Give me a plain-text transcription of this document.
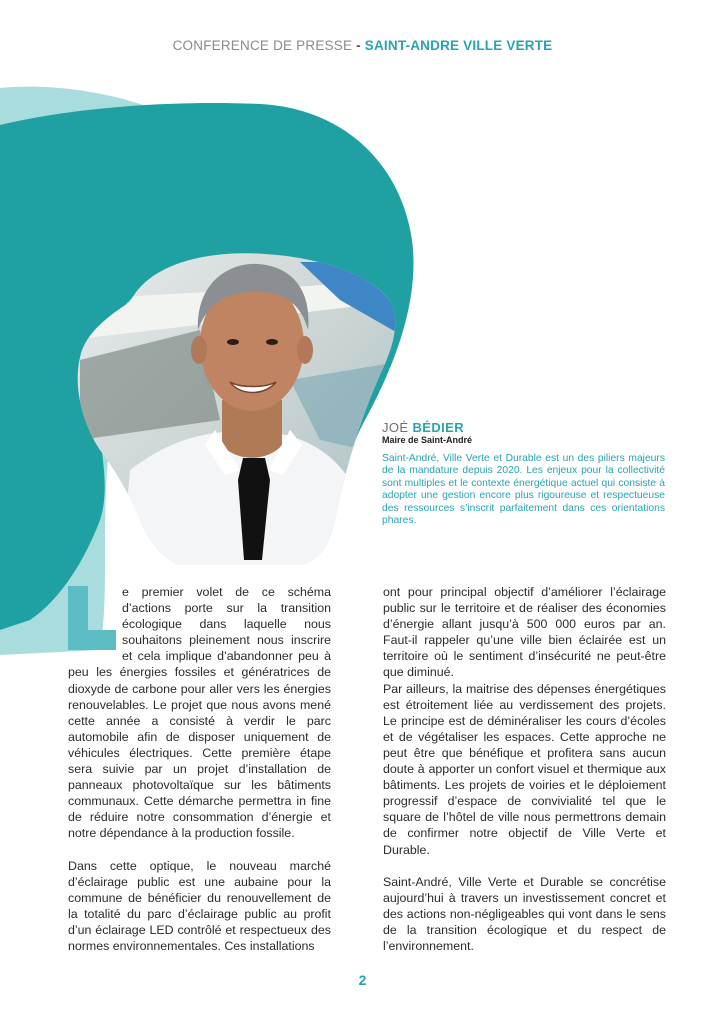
CONFERENCE DE PRESSE - SAINT-ANDRE VILLE VERTE
JOÉ BÉDIER
Maire de Saint-André
Saint-André, Ville Verte et Durable est un des piliers majeurs de la mandature depuis 2020. Les enjeux pour la collectivité sont multiples et le contexte énergétique actuel qui consiste à adopter une gestion encore plus rigoureuse et respectueuse des ressources s’inscrit parfaitement dans ces orientations phares.

e premier volet de ce schéma d’actions porte sur la transition écologique dans laquelle nous souhaitons pleinement nous inscrire et cela implique d’abandonner peu à peu les énergies fossiles et génératrices de dioxyde de carbone pour aller vers les énergies renouvelables. Le projet que nous avons mené cette année a consisté à verdir le parc automobile afin de disposer uniquement de véhicules électriques. Cette première étape sera suivie par un projet d’installation de panneaux photovoltaïque sur les bâtiments communaux. Cette démarche permettra in fine de réduire notre consommation d’énergie et notre dépendance à la production fossile.

Dans cette optique, le nouveau marché d’éclairage public est une aubaine pour la commune de bénéficier du renouvellement de la totalité du parc d’éclairage public au profit d’un éclairage LED contrôlé et respectueux des normes environnementales. Ces installations

ont pour principal objectif d’améliorer l’éclairage public sur le territoire et de réaliser des économies d’énergie allant jusqu’à 500 000 euros par an. Faut-il rappeler qu’une ville bien éclairée est un territoire où le sentiment d’insécurité ne peut-être que diminué.

Par ailleurs, la maitrise des dépenses énergétiques est étroitement liée au verdissement des projets. Le principe est de déminéraliser les cours d’écoles et de végétaliser les espaces. Cette approche ne peut être que bénéfique et profitera sans aucun doute à apporter un confort visuel et thermique aux bâtiments. Les projets de voiries et le déploiement progressif d’espace de convivialité tel que le square de l’hôtel de ville nous permettrons demain de confirmer notre objectif de Ville Verte et Durable.

Saint-André, Ville Verte et Durable se concrétise aujourd’hui à travers un investissement concret et des actions non-négligeables qui vont dans le sens de la transition écologique et du respect de l’environnement.

2
